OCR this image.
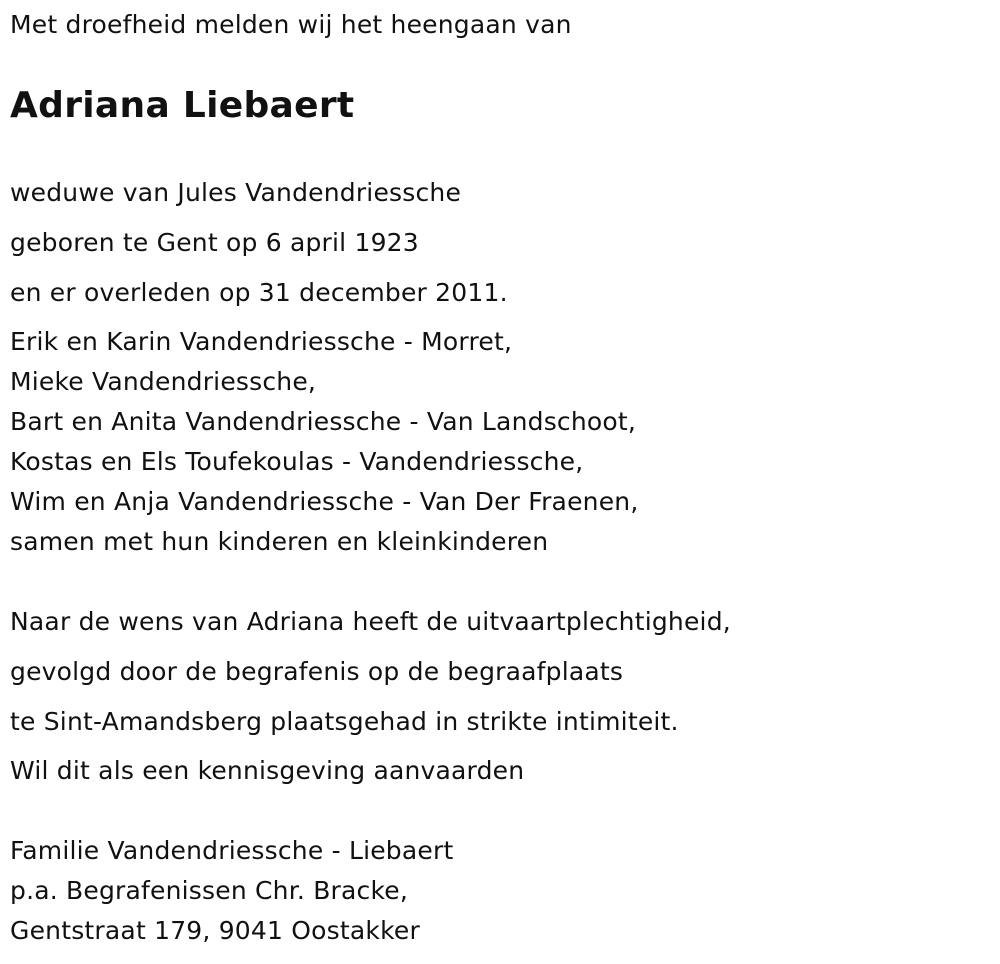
Met droefheid melden wij het heengaan van
Adriana Liebaert
weduwe van Jules Vandendriessche
geboren te Gent op 6 april 1923
en er overleden op 31 december 2011.
Erik en Karin Vandendriessche - Morret,
Mieke Vandendriessche,
Bart en Anita Vandendriessche - Van Landschoot,
Kostas en Els Toufekoulas - Vandendriessche,
Wim en Anja Vandendriessche - Van Der Fraenen,
samen met hun kinderen en kleinkinderen
Naar de wens van Adriana heeft de uitvaartplechtigheid,
gevolgd door de begrafenis op de begraafplaats
te Sint-Amandsberg plaatsgehad in strikte intimiteit.
Wil dit als een kennisgeving aanvaarden
Familie Vandendriessche - Liebaert
p.a. Begrafenissen Chr. Bracke,
Gentstraat 179, 9041 Oostakker
